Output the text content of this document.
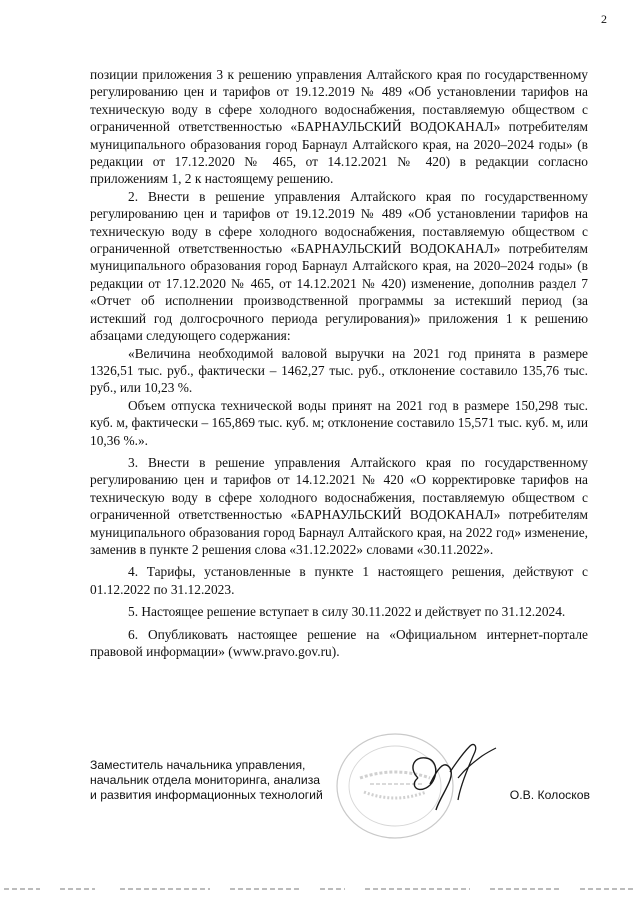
2

позиции приложения 3 к решению управления Алтайского края по государственному регулированию цен и тарифов от 19.12.2019 № 489 «Об установлении тарифов на техническую воду в сфере холодного водоснабжения, поставляемую обществом с ограниченной ответственностью «БАРНАУЛЬСКИЙ ВОДОКАНАЛ» потребителям муниципального образования город Барнаул Алтайского края, на 2020–2024 годы» (в редакции от 17.12.2020 № 465, от 14.12.2021 № 420) в редакции согласно приложениям 1, 2 к настоящему решению.

2. Внести в решение управления Алтайского края по государственному регулированию цен и тарифов от 19.12.2019 № 489 «Об установлении тарифов на техническую воду в сфере холодного водоснабжения, поставляемую обществом с ограниченной ответственностью «БАРНАУЛЬСКИЙ ВОДОКАНАЛ» потребителям муниципального образования город Барнаул Алтайского края, на 2020–2024 годы» (в редакции от 17.12.2020 № 465, от 14.12.2021 № 420) изменение, дополнив раздел 7 «Отчет об исполнении производственной программы за истекший период (за истекший год долгосрочного периода регулирования)» приложения 1 к решению абзацами следующего содержания:

«Величина необходимой валовой выручки на 2021 год принята в размере 1326,51 тыс. руб., фактически – 1462,27 тыс. руб., отклонение составило 135,76 тыс. руб., или 10,23 %.

Объем отпуска технической воды принят на 2021 год в размере 150,298 тыс. куб. м, фактически – 165,869 тыс. куб. м; отклонение составило 15,571 тыс. куб. м, или 10,36 %.».

3. Внести в решение управления Алтайского края по государственному регулированию цен и тарифов от 14.12.2021 № 420 «О корректировке тарифов на техническую воду в сфере холодного водоснабжения, поставляемую обществом с ограниченной ответственностью «БАРНАУЛЬСКИЙ ВОДОКАНАЛ» потребителям муниципального образования город Барнаул Алтайского края, на 2022 год» изменение, заменив в пункте 2 решения слова «31.12.2022» словами «30.11.2022».

4. Тарифы, установленные в пункте 1 настоящего решения, действуют с 01.12.2022 по 31.12.2023.

5. Настоящее решение вступает в силу 30.11.2022 и действует по 31.12.2024.

6. Опубликовать настоящее решение на «Официальном интернет-портале правовой информации» (www.pravo.gov.ru).

Заместитель начальника управления,
начальник отдела мониторинга, анализа
и развития информационных технологий	О.В. Колосков
